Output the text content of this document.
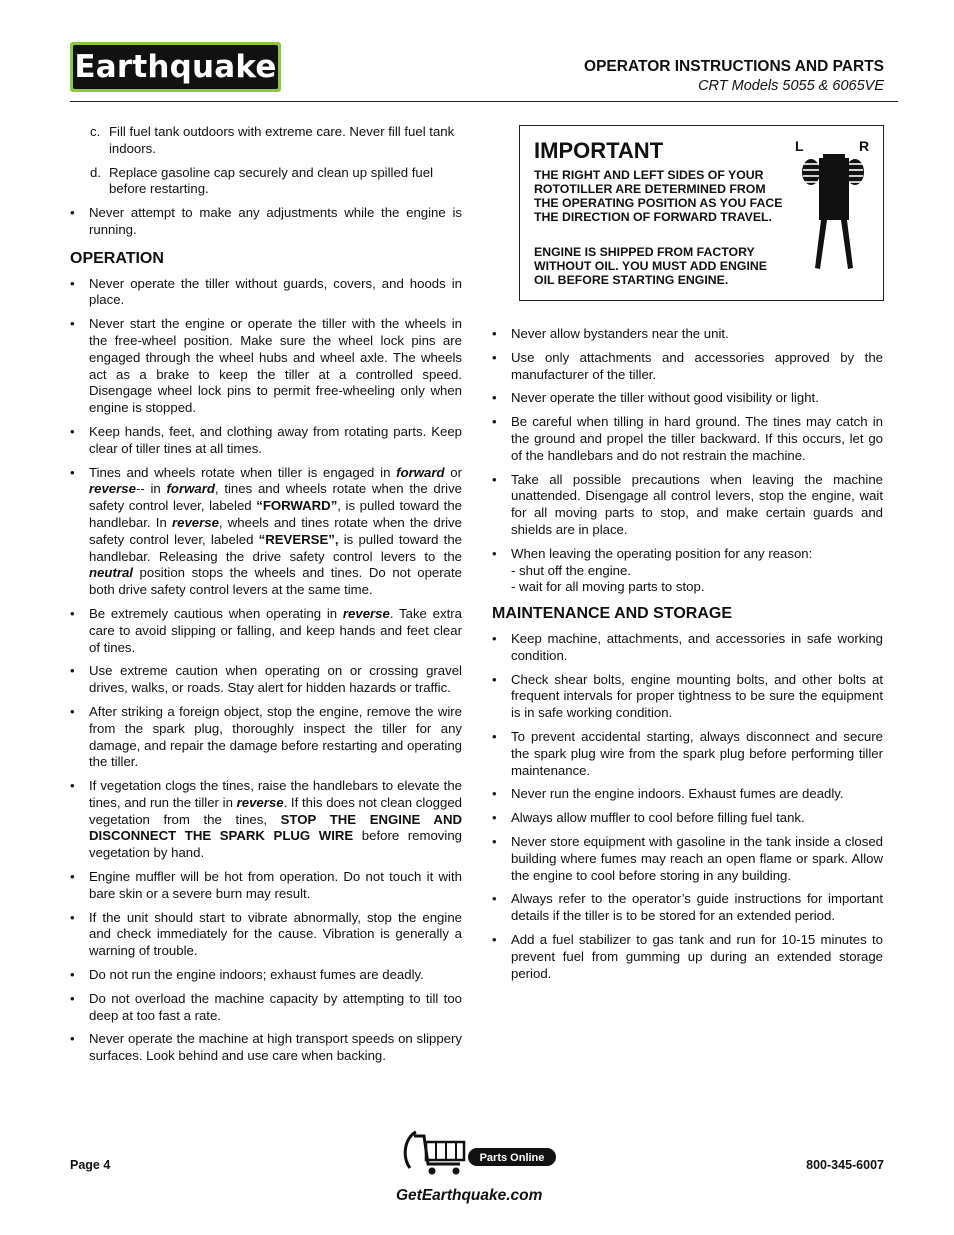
Earthquake	OPERATOR INSTRUCTIONS AND PARTS
CRT Models 5055 & 6065VE
c. Fill fuel tank outdoors with extreme care. Never fill fuel tank indoors.
d. Replace gasoline cap securely and clean up spilled fuel before restarting.
• Never attempt to make any adjustments while the engine is running.
OPERATION
• Never operate the tiller without guards, covers, and hoods in place.
• Never start the engine or operate the tiller with the wheels in the free-wheel position. Make sure the wheel lock pins are engaged through the wheel hubs and wheel axle. The wheels act as a brake to keep the tiller at a controlled speed. Disengage wheel lock pins to permit free-wheeling only when engine is stopped.
• Keep hands, feet, and clothing away from rotating parts. Keep clear of tiller tines at all times.
• Tines and wheels rotate when tiller is engaged in forward or reverse-- in forward, tines and wheels rotate when the drive safety control lever, labeled “FORWARD”, is pulled toward the handlebar. In reverse, wheels and tines rotate when the drive safety control lever, labeled “REVERSE”, is pulled toward the handlebar. Releasing the drive safety control levers to the neutral position stops the wheels and tines. Do not operate both drive safety control levers at the same time.
• Be extremely cautious when operating in reverse. Take extra care to avoid slipping or falling, and keep hands and feet clear of tines.
• Use extreme caution when operating on or crossing gravel drives, walks, or roads. Stay alert for hidden hazards or traffic.
• After striking a foreign object, stop the engine, remove the wire from the spark plug, thoroughly inspect the tiller for any damage, and repair the damage before restarting and operating the tiller.
• If vegetation clogs the tines, raise the handlebars to elevate the tines, and run the tiller in reverse. If this does not clean clogged vegetation from the tines, STOP THE ENGINE AND DISCONNECT THE SPARK PLUG WIRE before removing vegetation by hand.
• Engine muffler will be hot from operation. Do not touch it with bare skin or a severe burn may result.
• If the unit should start to vibrate abnormally, stop the engine and check immediately for the cause. Vibration is generally a warning of trouble.
• Do not run the engine indoors; exhaust fumes are deadly.
• Do not overload the machine capacity by attempting to till too deep at too fast a rate.
• Never operate the machine at high transport speeds on slippery surfaces. Look behind and use care when backing.
IMPORTANT
THE RIGHT AND LEFT SIDES OF YOUR ROTOTILLER ARE DETERMINED FROM THE OPERATING POSITION AS YOU FACE THE DIRECTION OF FORWARD TRAVEL.
ENGINE IS SHIPPED FROM FACTORY WITHOUT OIL. YOU MUST ADD ENGINE OIL BEFORE STARTING ENGINE.
L	R
• Never allow bystanders near the unit.
• Use only attachments and accessories approved by the manufacturer of the tiller.
• Never operate the tiller without good visibility or light.
• Be careful when tilling in hard ground. The tines may catch in the ground and propel the tiller backward. If this occurs, let go of the handlebars and do not restrain the machine.
• Take all possible precautions when leaving the machine unattended. Disengage all control levers, stop the engine, wait for all moving parts to stop, and make certain guards and shields are in place.
• When leaving the operating position for any reason:
- shut off the engine.
- wait for all moving parts to stop.
MAINTENANCE AND STORAGE
• Keep machine, attachments, and accessories in safe working condition.
• Check shear bolts, engine mounting bolts, and other bolts at frequent intervals for proper tightness to be sure the equipment is in safe working condition.
• To prevent accidental starting, always disconnect and secure the spark plug wire from the spark plug before performing tiller maintenance.
• Never run the engine indoors. Exhaust fumes are deadly.
• Always allow muffler to cool before filling fuel tank.
• Never store equipment with gasoline in the tank inside a closed building where fumes may reach an open flame or spark. Allow the engine to cool before storing in any building.
• Always refer to the operator’s guide instructions for important details if the tiller is to be stored for an extended period.
• Add a fuel stabilizer to gas tank and run for 10-15 minutes to prevent fuel from gumming up during an extended storage period.
Page 4	800-345-6007
Parts Online
GetEarthquake.com
